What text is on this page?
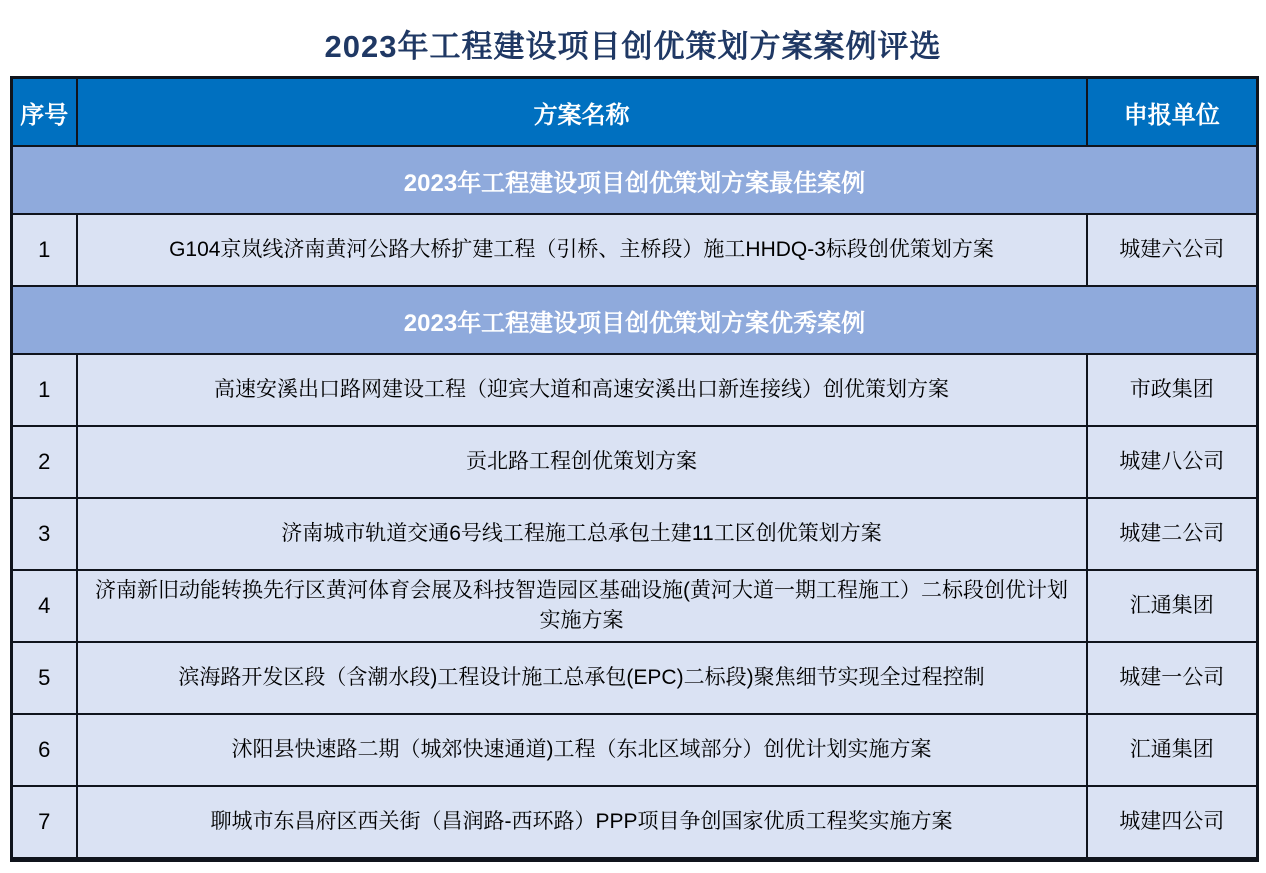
2023年工程建设项目创优策划方案案例评选
序号	方案名称	申报单位
2023年工程建设项目创优策划方案最佳案例		
1	G104京岚线济南黄河公路大桥扩建工程（引桥、主桥段）施工HHDQ-3标段创优策划方案	城建六公司
2023年工程建设项目创优策划方案优秀案例		
1	高速安溪出口路网建设工程（迎宾大道和高速安溪出口新连接线）创优策划方案	市政集团
2	贡北路工程创优策划方案	城建八公司
3	济南城市轨道交通6号线工程施工总承包土建11工区创优策划方案	城建二公司
4	济南新旧动能转换先行区黄河体育会展及科技智造园区基础设施(黄河大道一期工程施工）二标段创优计划实施方案	汇通集团
5	滨海路开发区段（含潮水段)工程设计施工总承包(EPC)二标段)聚焦细节实现全过程控制	城建一公司
6	沭阳县快速路二期（城郊快速通道)工程（东北区域部分）创优计划实施方案	汇通集团
7	聊城市东昌府区西关街（昌润路-西环路）PPP项目争创国家优质工程奖实施方案	城建四公司
